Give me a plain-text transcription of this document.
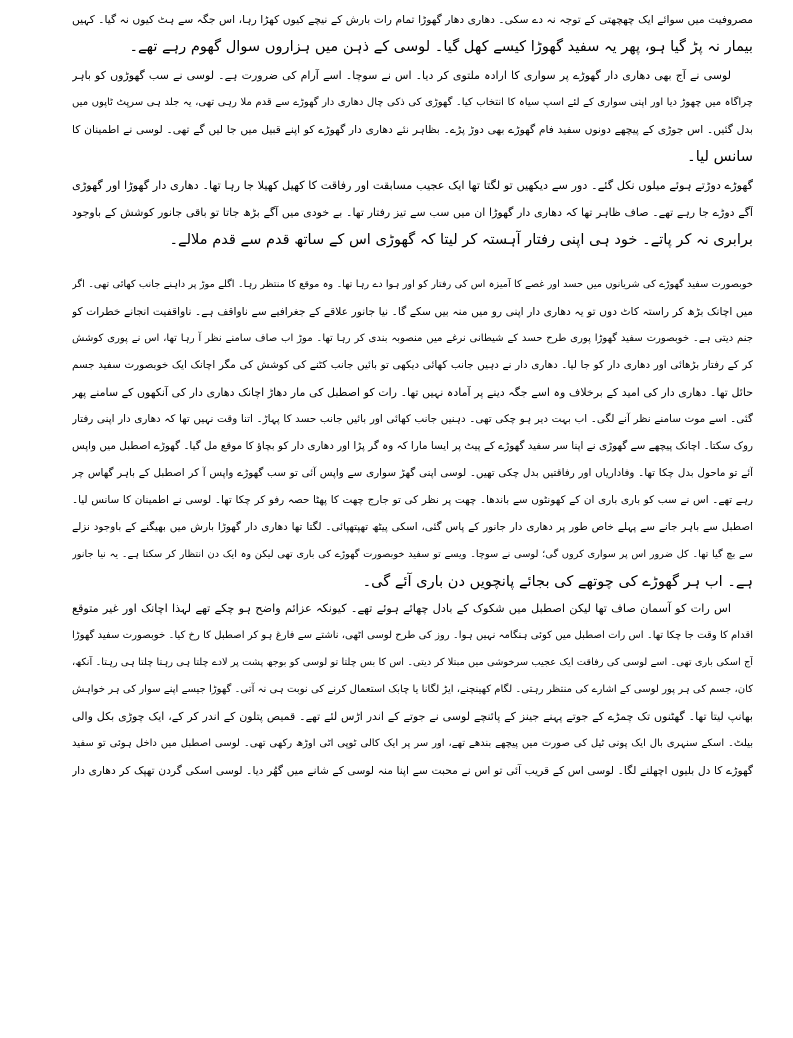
مصروفیت میں سوائے ایک چھچھتی کے توجہ نہ دے سکی۔ دھاری دھار گھوڑا تمام رات بارش کے نیچے کیوں کھڑا رہا، اس جگہ سے ہٹ کیوں نہ گیا۔ کہیں
بیمار نہ پڑ گیا ہو، پھر یہ سفید گھوڑا کیسے کھل گیا۔ لوسی کے ذہن میں ہزاروں سوال گھوم رہے تھے۔
لوسی نے آج بھی دھاری دار گھوڑے پر سواری کا ارادہ ملتوی کر دیا۔ اس نے سوچا۔ اسے آرام کی ضرورت ہے۔ لوسی نے سب گھوڑوں کو باہر
چراگاہ میں چھوڑ دیا اور اپنی سواری کے لئے اسپ سیاہ کا انتخاب کیا۔ گھوڑی کی ذکی چال دھاری دار گھوڑے سے قدم ملا رہی تھی، یہ جلد ہی سرپٹ ٹاپوں میں
بدل گئیں۔ اس جوڑی کے پیچھے دونوں سفید فام گھوڑے بھی دوڑ پڑے۔ بظاہر نئے دھاری دار گھوڑے کو اپنے قبیل میں جا لیں گے تھی۔ لوسی نے اطمینان کا
سانس لیا۔
گھوڑے دوڑتے ہوئے میلوں نکل گئے۔ دور سے دیکھیں تو لگتا تھا ایک عجیب مسابقت اور رفاقت کا کھیل کھیلا جا رہا تھا۔ دھاری دار گھوڑا اور گھوڑی
آگے دوڑے جا رہے تھے۔ صاف ظاہر تھا کہ دھاری دار گھوڑا ان میں سب سے تیز رفتار تھا۔ بے خودی میں آگے بڑھ جاتا تو باقی جانور کوشش کے باوجود
برابری نہ کر پاتے۔ خود ہی اپنی رفتار آہستہ کر لیتا کہ گھوڑی اس کے ساتھ قدم سے قدم ملالے۔
خوبصورت سفید گھوڑے کی شریانوں میں حسد اور غصے کا آمیزہ اس کی رفتار کو اور ہوا دے رہا تھا۔ وہ موقع کا منتظر رہا۔ اگلے موڑ پر داہنے جانب کھائی تھی۔ اگر
میں اچانک بڑھ کر راستہ کاٹ دوں تو یہ دھاری دار اپنی رو میں منہ بیں سکے گا۔ نیا جانور علاقے کے جغرافیے سے ناواقف ہے۔ ناواقفیت انجانے خطرات کو
جنم دیتی ہے۔ خوبصورت سفید گھوڑا پوری طرح حسد کے شیطانی نرغے میں منصوبہ بندی کر رہا تھا۔ موڑ اب صاف سامنے نظر آ رہا تھا، اس نے پوری کوشش
کر کے رفتار بڑھائی اور دھاری دار کو جا لیا۔ دھاری دار نے دہیں جانب کھائی دیکھی تو بائیں جانب کٹنے کی کوشش کی مگر اچانک ایک خوبصورت سفید جسم
حائل تھا۔ دھاری دار کی امید کے برخلاف وہ اسے جگہ دینے پر آمادہ نہیں تھا۔ رات کو اصطبل کی مار دھاڑ اچانک دھاری دار کی آنکھوں کے سامنے پھر
گئی۔ اسے موت سامنے نظر آنے لگی۔ اب بہت دیر ہو چکی تھی۔ دہنیں جانب کھائی اور بائیں جانب حسد کا پہاڑ۔ اتنا وقت نہیں تھا کہ دھاری دار اپنی رفتار
روک سکتا۔ اچانک پیچھے سے گھوڑی نے اپنا سر سفید گھوڑے کے پیٹ پر ایسا مارا کہ وہ گر پڑا اور دھاری دار کو بچاؤ کا موقع مل گیا۔ گھوڑے اصطبل میں واپس
آئے تو ماحول بدل چکا تھا۔ وفاداریاں اور رفاقتیں بدل چکی تھیں۔ لوسی اپنی گھڑ سواری سے واپس آئی تو سب گھوڑے واپس آ کر اصطبل کے باہر گھاس چر
رہے تھے۔ اس نے سب کو باری باری ان کے کھونٹوں سے باندھا۔ چھت پر نظر کی تو جارج چھت کا پھٹا حصہ رفو کر چکا تھا۔ لوسی نے اطمینان کا سانس لیا۔
اصطبل سے باہر جانے سے پہلے خاص طور پر دھاری دار جانور کے پاس گئی، اسکی پیٹھ تھپتھپائی۔ لگتا تھا دھاری دار گھوڑا بارش میں بھیگنے کے باوجود نزلے
سے بچ گیا تھا۔ کل ضرور اس پر سواری کروں گی؛ لوسی نے سوچا۔ ویسے تو سفید خوبصورت گھوڑے کی باری تھی لیکن وہ ایک دن انتظار کر سکتا ہے۔ یہ نیا جانور
ہے۔ اب ہر گھوڑے کی چوتھے کی بجائے پانچویں دن باری آئے گی۔
اس رات کو آسمان صاف تھا لیکن اصطبل میں شکوک کے بادل چھائے ہوئے تھے۔ کیونکہ عزائم واضح ہو چکے تھے لہذا اچانک اور غیر متوقع
اقدام کا وقت جا چکا تھا۔ اس رات اصطبل میں کوئی ہنگامہ نہیں ہوا۔ روز کی طرح لوسی اٹھی، ناشتے سے فارغ ہو کر اصطبل کا رخ کیا۔ خوبصورت سفید گھوڑا
آج اسکی باری تھی۔ اسے لوسی کی رفاقت ایک عجیب سرخوشی میں مبتلا کر دیتی۔ اس کا بس چلتا تو لوسی کو بوجھ پشت پر لادے چلتا ہی رہتا چلتا ہی رہتا۔ آنکھ،
کان، جسم کی ہر پور لوسی کے اشارے کی منتظر رہتی۔ لگام کھینچنے، ایڑ لگانا یا چابک استعمال کرنے کی نوبت ہی نہ آتی۔ گھوڑا جیسے اپنے سوار کی ہر خواہش
بھانپ لیتا تھا۔ گھٹنوں تک چمڑے کے جوتے پہنے جینز کے پائنچے لوسی نے جوتے کے اندر اڑس لئے تھے۔ قمیص پتلون کے اندر کر کے، ایک چوڑی بکل والی
بیلٹ۔ اسکے سنہری بال ایک پونی ٹیل کی صورت میں پیچھے بندھے تھے، اور سر پر ایک کالی ٹوپی اٹی اوڑھ رکھی تھی۔ لوسی اصطبل میں داخل ہوئی تو سفید
گھوڑے کا دل بلیوں اچھلنے لگا۔ لوسی اس کے قریب آئی تو اس نے محبت سے اپنا منہ لوسی کے شانے میں گھُر دیا۔ لوسی اسکی گردن تھپک کر دھاری دار
